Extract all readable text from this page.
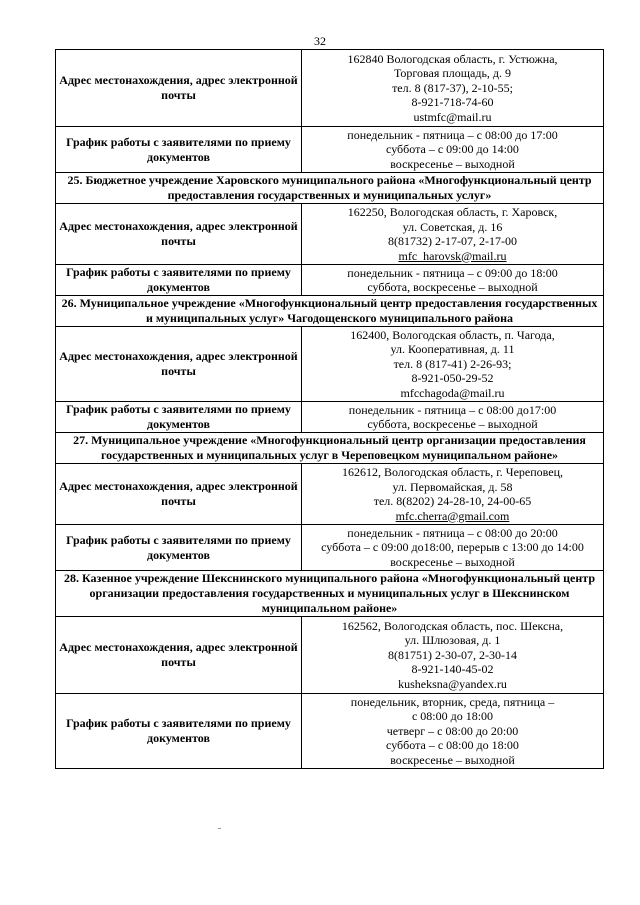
32
Адрес местонахождения, адрес электронной почты	162840 Вологодская область, г. Устюжна,
Торговая площадь, д. 9
тел. 8 (817-37), 2-10-55;
8-921-718-74-60
ustmfc@mail.ru

График работы с заявителями по приему документов	понедельник - пятница – с 08:00 до 17:00
суббота – с 09:00 до 14:00
воскресенье – выходной

25. Бюджетное учреждение Харовского муниципального района «Многофункциональный центр предоставления государственных и муниципальных услуг»	
Адрес местонахождения, адрес электронной почты	162250, Вологодская область, г. Харовск,
ул. Советская, д. 16
8(81732) 2-17-07, 2-17-00
mfc_harovsk@mail.ru

График работы с заявителями по приему документов	понедельник - пятница – с 09:00 до 18:00
суббота, воскресенье – выходной

26. Муниципальное учреждение «Многофункциональный центр предоставления государственных и муниципальных услуг» Чагодощенского муниципального района	
Адрес местонахождения, адрес электронной почты	162400, Вологодская область, п. Чагода,
ул. Кооперативная, д. 11
тел. 8 (817-41) 2-26-93;
8-921-050-29-52
mfcchagoda@mail.ru

График работы с заявителями по приему документов	понедельник - пятница – с 08:00 до17:00
суббота, воскресенье – выходной

27. Муниципальное учреждение «Многофункциональный центр организации предоставления государственных и муниципальных услуг в Череповецком муниципальном районе»	
Адрес местонахождения, адрес электронной почты	162612, Вологодская область, г. Череповец,
ул. Первомайская, д. 58
тел. 8(8202) 24-28-10, 24-00-65
mfc.cherra@gmail.com

График работы с заявителями по приему документов	понедельник - пятница – с 08:00 до 20:00
суббота – с 09:00 до18:00, перерыв с 13:00 до 14:00
воскресенье – выходной

28. Казенное учреждение Шекснинского муниципального района «Многофункциональный центр организации предоставления государственных и муниципальных услуг в Шекснинском муниципальном районе»	
Адрес местонахождения, адрес электронной почты	162562, Вологодская область, пос. Шексна,
ул. Шлюзовая, д. 1
8(81751) 2-30-07, 2-30-14
8-921-140-45-02
kusheksna@yandex.ru

График работы с заявителями по приему документов	понедельник, вторник, среда, пятница –
с 08:00 до 18:00
четверг – с 08:00 до 20:00
суббота – с 08:00 до 18:00
воскресенье – выходной
